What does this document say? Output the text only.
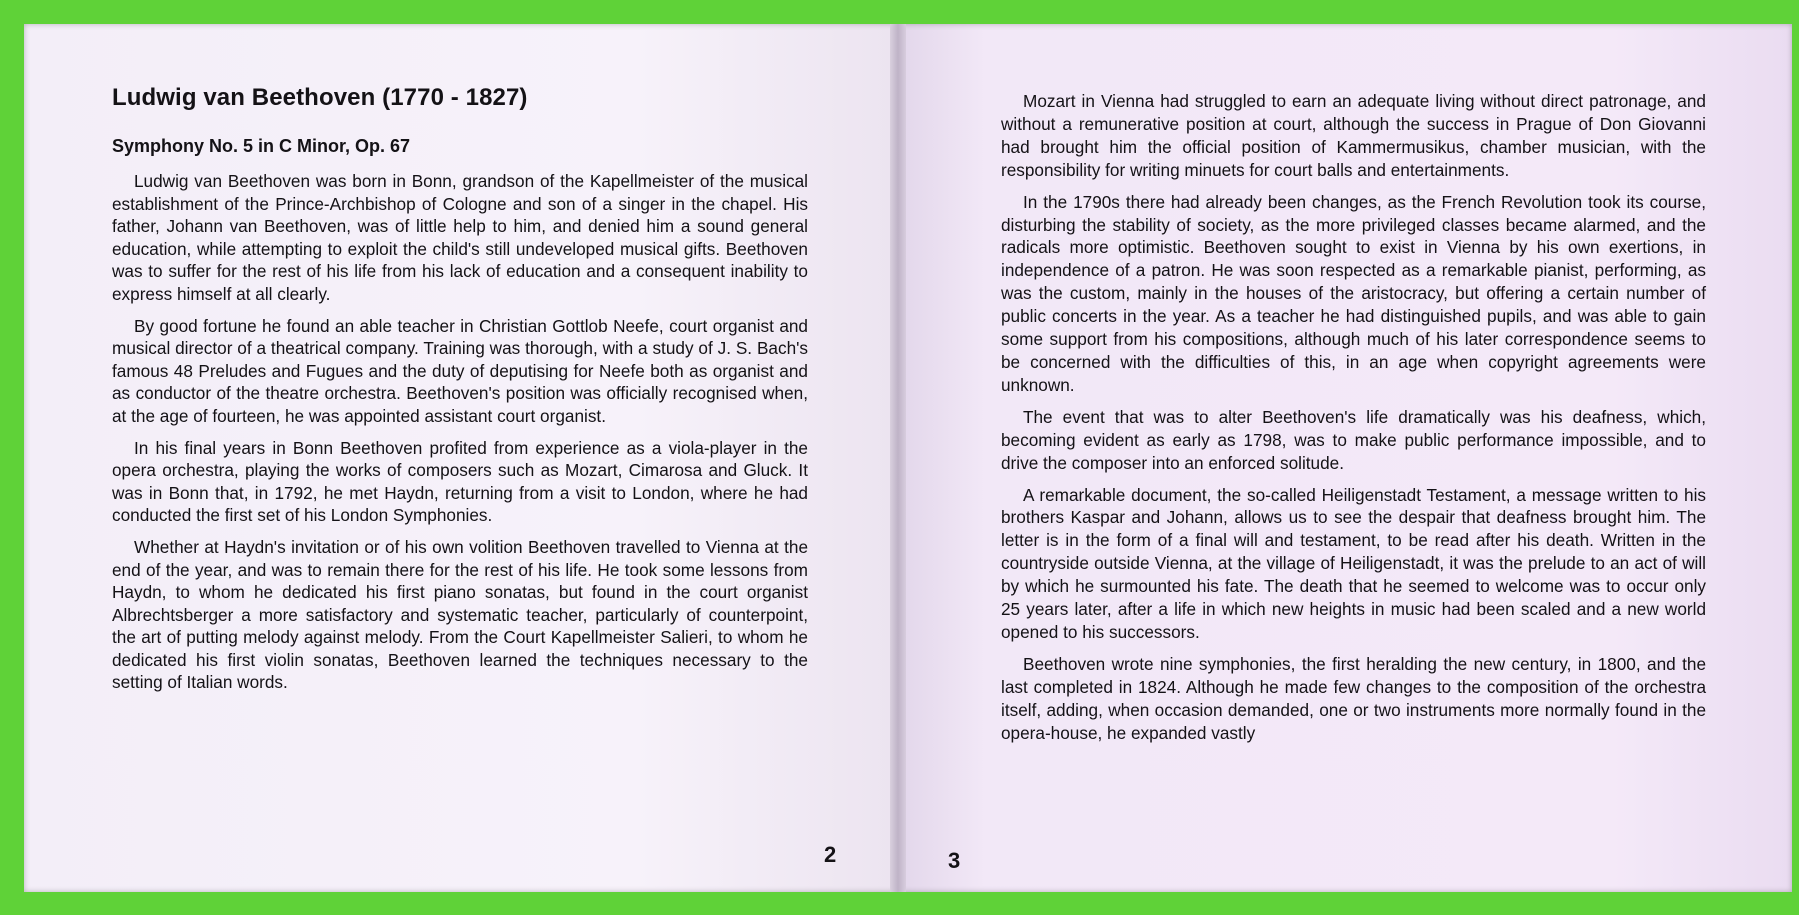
Ludwig van Beethoven (1770 - 1827)
Symphony No. 5 in C Minor, Op. 67

Ludwig van Beethoven was born in Bonn, grandson of the Kapellmeister of the musical establishment of the Prince-Archbishop of Cologne and son of a singer in the chapel. His father, Johann van Beethoven, was of little help to him, and denied him a sound general education, while attempting to exploit the child's still undeveloped musical gifts. Beethoven was to suffer for the rest of his life from his lack of education and a consequent inability to express himself at all clearly.

By good fortune he found an able teacher in Christian Gottlob Neefe, court organist and musical director of a theatrical company. Training was thorough, with a study of J. S. Bach's famous 48 Preludes and Fugues and the duty of deputising for Neefe both as organist and as conductor of the theatre orchestra. Beethoven's position was officially recognised when, at the age of fourteen, he was appointed assistant court organist.

In his final years in Bonn Beethoven profited from experience as a viola-player in the opera orchestra, playing the works of composers such as Mozart, Cimarosa and Gluck. It was in Bonn that, in 1792, he met Haydn, returning from a visit to London, where he had conducted the first set of his London Symphonies.

Whether at Haydn's invitation or of his own volition Beethoven travelled to Vienna at the end of the year, and was to remain there for the rest of his life. He took some lessons from Haydn, to whom he dedicated his first piano sonatas, but found in the court organist Albrechtsberger a more satisfactory and systematic teacher, particularly of counterpoint, the art of putting melody against melody. From the Court Kapellmeister Salieri, to whom he dedicated his first violin sonatas, Beethoven learned the techniques necessary to the setting of Italian words.

2

Mozart in Vienna had struggled to earn an adequate living without direct patronage, and without a remunerative position at court, although the success in Prague of Don Giovanni had brought him the official position of Kammermusikus, chamber musician, with the responsibility for writing minuets for court balls and entertainments.

In the 1790s there had already been changes, as the French Revolution took its course, disturbing the stability of society, as the more privileged classes became alarmed, and the radicals more optimistic. Beethoven sought to exist in Vienna by his own exertions, in independence of a patron. He was soon respected as a remarkable pianist, performing, as was the custom, mainly in the houses of the aristocracy, but offering a certain number of public concerts in the year. As a teacher he had distinguished pupils, and was able to gain some support from his compositions, although much of his later correspondence seems to be concerned with the difficulties of this, in an age when copyright agreements were unknown.

The event that was to alter Beethoven's life dramatically was his deafness, which, becoming evident as early as 1798, was to make public performance impossible, and to drive the composer into an enforced solitude.

A remarkable document, the so-called Heiligenstadt Testament, a message written to his brothers Kaspar and Johann, allows us to see the despair that deafness brought him. The letter is in the form of a final will and testament, to be read after his death. Written in the countryside outside Vienna, at the village of Heiligenstadt, it was the prelude to an act of will by which he surmounted his fate. The death that he seemed to welcome was to occur only 25 years later, after a life in which new heights in music had been scaled and a new world opened to his successors.

Beethoven wrote nine symphonies, the first heralding the new century, in 1800, and the last completed in 1824. Although he made few changes to the composition of the orchestra itself, adding, when occasion demanded, one or two instruments more normally found in the opera-house, he expanded vastly

3
